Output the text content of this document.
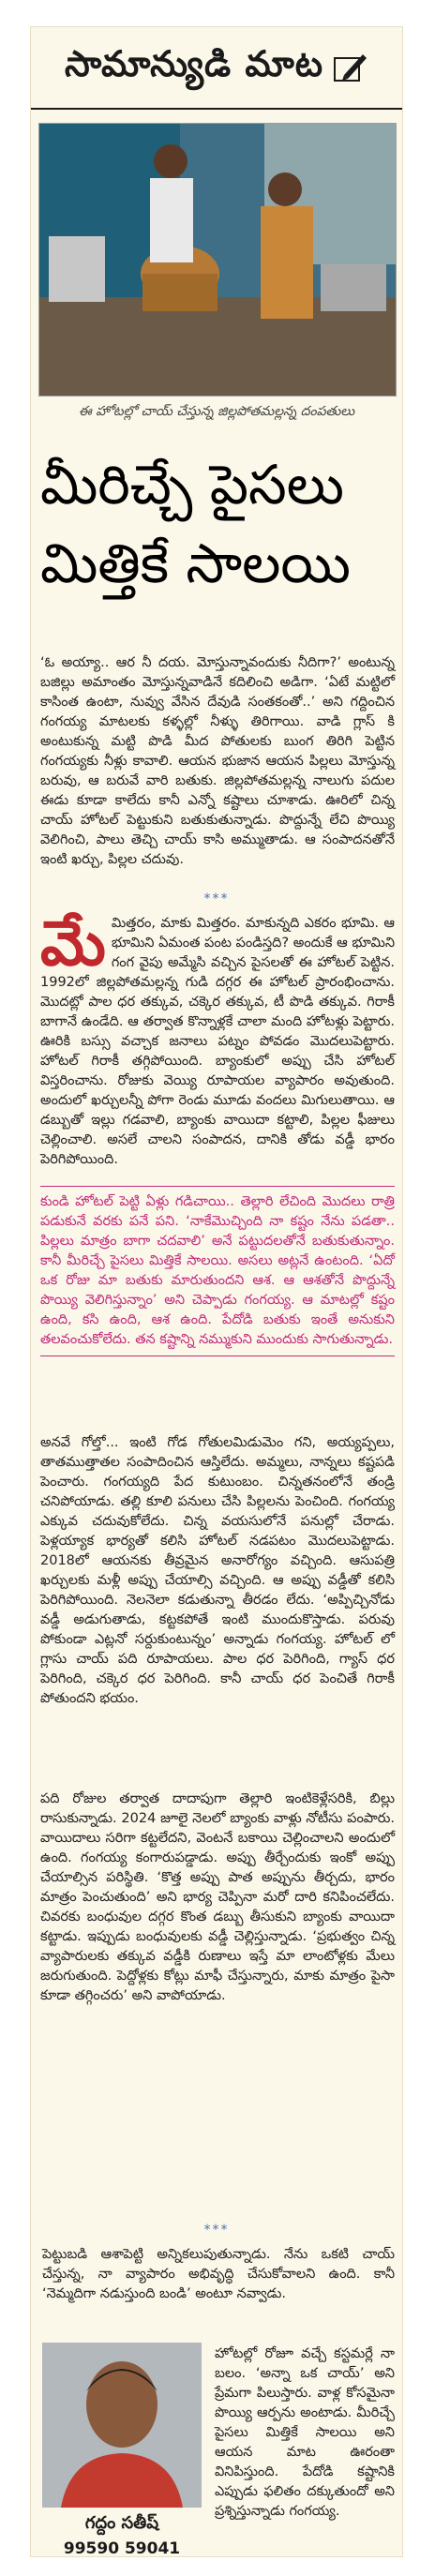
సామాన్యుడి మాట
ఈ హోటల్లో చాయ్ చేస్తున్న జిల్లపోతమల్లన్న దంపతులు
మీరిచ్చే పైసలు
మిత్తికే సాలయి
‘ఓ అయ్యా.. ఆర నీ దయ. మోస్తున్నావందుకు నీదిగా?’ అంటున్న బజిల్లు అమాంతం మోస్తున్నవాడినే కదిలించి అడిగా. ‘ఏటే మట్టిలో కాసింత ఉంటా, నువ్వు వేసిన దేవుడి సంతకంతో..’ అని గద్దించిన గంగయ్య మాటలకు కళ్ళల్లో నీళ్ళు తిరిగాయి. వాడి గ్లాస్ కి అంటుకున్న మట్టి పొడి మీద పోతులకు బుంగ తిరిగి పెట్టిన గంగయ్యకు నీళ్లు కావాలి. ఆయన భుజాన ఆయన పిల్లలు మోస్తున్న బరువు, ఆ బరువే వారి బతుకు. జిల్లపోతమల్లన్న నాలుగు పదుల ఈడు కూడా కాలేదు కానీ ఎన్నో కష్టాలు చూశాడు. ఊరిలో చిన్న చాయ్ హోటల్ పెట్టుకుని బతుకుతున్నాడు. పొద్దున్నే లేచి పొయ్యి వెలిగించి, పాలు తెచ్చి చాయ్ కాసి అమ్ముతాడు. ఆ సంపాదనతోనే ఇంటి ఖర్చు, పిల్లల చదువు.
***
మే మిత్తరం, మాకు మిత్తరం. మాకున్నది ఎకరం భూమి. ఆ భూమిని ఏమంత పంట పండిస్తది? అందుకే ఆ భూమిని గంగ వైపు అమ్మేసి వచ్చిన పైసలతో ఈ హోటల్ పెట్టిన. 1992లో జిల్లపోతమల్లన్న గుడి దగ్గర ఈ హోటల్ ప్రారంభించాను. మొదట్లో పాల ధర తక్కువ, చక్కెర తక్కువ, టీ పొడి తక్కువ. గిరాకీ బాగానే ఉండేది. ఆ తర్వాత కొన్నాళ్లకే చాలా మంది హోటళ్లు పెట్టారు. ఊరికి బస్సు వచ్చాక జనాలు పట్నం పోవడం మొదలుపెట్టారు. హోటల్ గిరాకీ తగ్గిపోయింది. బ్యాంకులో అప్పు చేసి హోటల్ విస్తరించాను. రోజుకు వెయ్యి రూపాయల వ్యాపారం అవుతుంది. అందులో ఖర్చులన్నీ పోగా రెండు మూడు వందలు మిగులుతాయి. ఆ డబ్బుతో ఇల్లు గడవాలి, బ్యాంకు వాయిదా కట్టాలి, పిల్లల ఫీజులు చెల్లించాలి. అసలే చాలని సంపాదన, దానికి తోడు వడ్డీ భారం పెరిగిపోయింది.
కుండి హోటల్ పెట్టి ఏళ్లు గడిచాయి.. తెల్లారి లేచింది మొదలు రాత్రి పడుకునే వరకు పనే పని. ‘నాకేమొచ్చింది నా కష్టం నేను పడతా.. పిల్లలు మాత్రం బాగా చదవాలి’ అనే పట్టుదలతోనే బతుకుతున్నాం. కానీ మీరిచ్చే పైసలు మిత్తికే సాలయి. అసలు అట్లనే ఉంటంది. ‘ఏదో ఒక రోజు మా బతుకు మారుతుందని ఆశ. ఆ ఆశతోనే పొద్దున్నే పొయ్యి వెలిగిస్తున్నాం’ అని చెప్పాడు గంగయ్య. ఆ మాటల్లో కష్టం ఉంది, కసి ఉంది, ఆశ ఉంది. పేదోడి బతుకు ఇంతే అనుకుని తలవంచుకోలేదు. తన కష్టాన్ని నమ్ముకుని ముందుకు సాగుతున్నాడు.
అనవే గోల్తో... ఇంటి గోడ గోతులమిడుమెం గని, అయ్యప్పలు, తాతముత్తాతల సంపాదించిన ఆస్తిలేదు. అమ్మలు, నాన్నలు కష్టపడి పెంచారు. గంగయ్యది పేద కుటుంబం. చిన్నతనంలోనే తండ్రి చనిపోయాడు. తల్లి కూలి పనులు చేసి పిల్లలను పెంచింది. గంగయ్య ఎక్కువ చదువుకోలేదు. చిన్న వయసులోనే పనుల్లో చేరాడు. పెళ్లయ్యాక భార్యతో కలిసి హోటల్ నడపటం మొదలుపెట్టాడు. 2018లో ఆయనకు తీవ్రమైన అనారోగ్యం వచ్చింది. ఆసుపత్రి ఖర్చులకు మళ్లీ అప్పు చేయాల్సి వచ్చింది. ఆ అప్పు వడ్డీతో కలిసి పెరిగిపోయింది. నెలనెలా కడుతున్నా తీరడం లేదు. ‘అప్పిచ్చినోడు వడ్డీ అడుగుతాడు, కట్టకపోతే ఇంటి ముందుకొస్తాడు. పరువు పోకుండా ఎట్లనో సర్దుకుంటున్నం’ అన్నాడు గంగయ్య. హోటల్ లో గ్లాసు చాయ్ పది రూపాయలు. పాల ధర పెరిగింది, గ్యాస్ ధర పెరిగింది, చక్కెర ధర పెరిగింది. కానీ చాయ్ ధర పెంచితే గిరాకీ పోతుందని భయం.
పది రోజుల తర్వాత దాదాపుగా తెల్లారి ఇంటికెళ్లేసరికి, బిల్లు రాసుకున్నాడు. 2024 జూలై నెలలో బ్యాంకు వాళ్లు నోటీసు పంపారు. వాయిదాలు సరిగా కట్టలేదని, వెంటనే బకాయి చెల్లించాలని అందులో ఉంది. గంగయ్య కంగారుపడ్డాడు. అప్పు తీర్చేందుకు ఇంకో అప్పు చేయాల్సిన పరిస్థితి. ‘కొత్త అప్పు పాత అప్పును తీర్చదు, భారం మాత్రం పెంచుతుంది’ అని భార్య చెప్పినా మరో దారి కనిపించలేదు. చివరకు బంధువుల దగ్గర కొంత డబ్బు తీసుకుని బ్యాంకు వాయిదా కట్టాడు. ఇప్పుడు బంధువులకు వడ్డీ చెల్లిస్తున్నాడు. ‘ప్రభుత్వం చిన్న వ్యాపారులకు తక్కువ వడ్డీకి రుణాలు ఇస్తే మా లాంటోళ్లకు మేలు జరుగుతుంది. పెద్దోళ్లకు కోట్లు మాఫీ చేస్తున్నారు, మాకు మాత్రం పైసా కూడా తగ్గించరు’ అని వాపోయాడు.
***
పెట్టుబడి ఆశాపెట్టి అన్నికలుపుతున్నాడు. నేను ఒకటి చాయ్ చేస్తున్న, నా వ్యాపారం అభివృద్ధి చేసుకోవాలని ఉంది. కానీ ‘నెమ్మదిగా నడుస్తుంది బండి’ అంటూ నవ్వాడు.
గద్దం సతీష్
99590 59041
హోటల్లో రోజూ వచ్చే కస్టమర్లే నా బలం. ‘అన్నా ఒక చాయ్’ అని ప్రేమగా పిలుస్తారు. వాళ్ల కోసమైనా పొయ్యి ఆర్పను అంటాడు. మీరిచ్చే పైసలు మిత్తికే సాలయి అని ఆయన మాట ఊరంతా వినిపిస్తుంది. పేదోడి కష్టానికి ఎప్పుడు ఫలితం దక్కుతుందో అని ప్రశ్నిస్తున్నాడు గంగయ్య.
